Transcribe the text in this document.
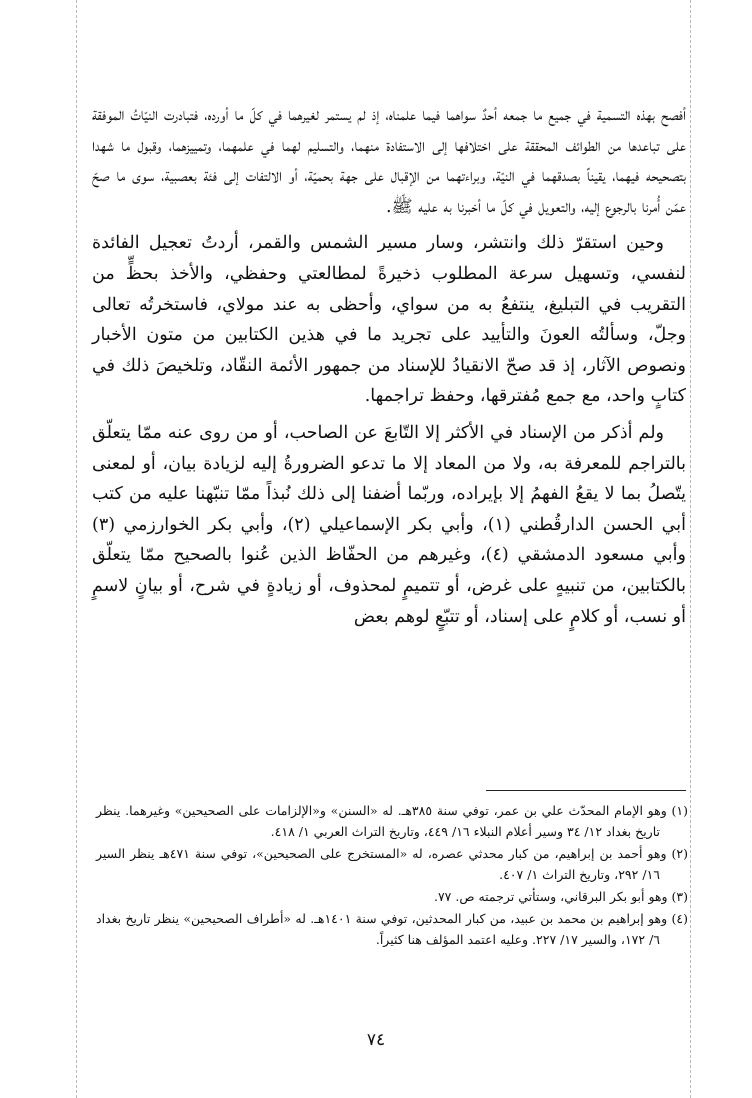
أفصح بهذه التسمية في جميع ما جمعه أحدٌ سواهما فيما علمناه، إذ لم يستمر لغيرهما في كلّ ما أورده، فتبادرت النيّاتُ الموفقة على تباعدها من الطوائف المحققة على اختلافها إلى الاستفادة منهما، والتسليم لهما في علمهما، وتمييزهما، وقبول ما شهدا بتصحيحه فيهما، يقيناً بصدقهما في النيّة، وبراءتهما من الإقبال على جهة بحميّة، أو الالتفات إلى فئة بعصبية، سوى ما صحّ عمّن أُمرنا بالرجوع إليه، والتعويل في كلّ ما أخبرنا به عليه ﷺ.

وحين استقرّ ذلك وانتشر، وسار مسير الشمس والقمر، أردتُ تعجيل الفائدة لنفسي، وتسهيل سرعة المطلوب ذخيرةً لمطالعتي وحفظي، والأخذ بحظٍّ من التقريب في التبليغ، ينتفعُ به من سواي، وأحظى به عند مولاي، فاستخرتُه تعالى وجلّ، وسألتُه العونَ والتأييد على تجريد ما في هذين الكتابين من متون الأخبار ونصوص الآثار، إذ قد صحّ الانقيادُ للإسناد من جمهور الأئمة النقّاد، وتلخيصَ ذلك في كتابٍ واحد، مع جمع مُفترقها، وحفظ تراجمها.

ولم أذكر من الإسناد في الأكثر إلا التّابعَ عن الصاحب، أو من روى عنه ممّا يتعلّق بالتراجم للمعرفة به، ولا من المعاد إلا ما تدعو الضرورةُ إليه لزيادة بيان، أو لمعنى يتّصلُ بما لا يقعُ الفهمُ إلا بإيراده، وربّما أضفنا إلى ذلك نُبذاً ممّا تنبّهنا عليه من كتب أبي الحسن الدارقُطني (١)، وأبي بكر الإسماعيلي (٢)، وأبي بكر الخوارزمي (٣) وأبي مسعود الدمشقي (٤)، وغيرهم من الحفّاظ الذين عُنوا بالصحيح ممّا يتعلّق بالكتابين، من تنبيهٍ على غرض، أو تتميمٍ لمحذوف، أو زيادةٍ في شرح، أو بيانٍ لاسمٍ أو نسب، أو كلامٍ على إسناد، أو تتبّعٍ لوهم بعض

(١) وهو الإمام المحدّث علي بن عمر، توفي سنة ٣٨٥هـ. له «السنن» و«الإلزامات على الصحيحين» وغيرهما. ينظر تاريخ بغداد ١٢/ ٣٤ وسير أعلام النبلاء ١٦/ ٤٤٩، وتاريخ التراث العربي ١/ ٤١٨.

(٢) وهو أحمد بن إبراهيم، من كبار محدثي عصره، له «المستخرج على الصحيحين»، توفي سنة ٤٧١هـ ينظر السير ١٦/ ٢٩٢، وتاريخ التراث ١/ ٤٠٧.

(٣) وهو أبو بكر البرقاني، وستأتي ترجمته ص. ٧٧.

(٤) وهو إبراهيم بن محمد بن عبيد، من كبار المحدثين، توفي سنة ١٤٠١هـ. له «أطراف الصحيحين» ينظر تاريخ بغداد ٦/ ١٧٢، والسير ١٧/ ٢٢٧. وعليه اعتمد المؤلف هنا كثيراً.

٧٤
